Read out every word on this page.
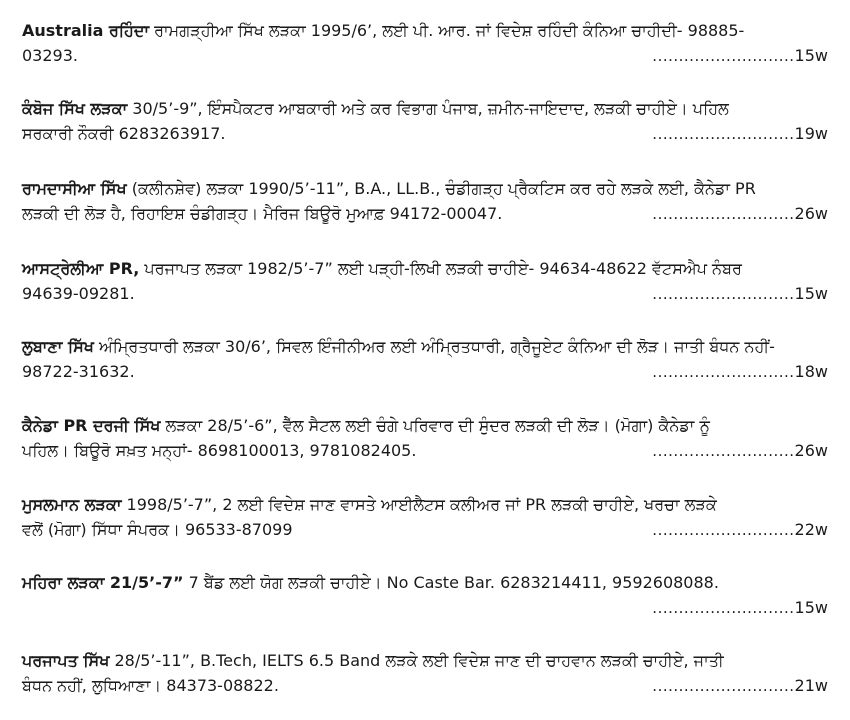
Australia ਰਹਿੰਦਾ ਰਾਮਗੜ੍ਹੀਆ ਸਿੱਖ ਲੜਕਾ 1995/6’, ਲਈ ਪੀ. ਆਰ. ਜਾਂ ਵਿਦੇਸ਼ ਰਹਿੰਦੀ ਕੰਨਿਆ ਚਾਹੀਦੀ- 98885-

03293.	...........................15w

ਕੰਬੋਜ ਸਿੱਖ ਲੜਕਾ 30/5’-9”, ਇੰਸਪੈਕਟਰ ਆਬਕਾਰੀ ਅਤੇ ਕਰ ਵਿਭਾਗ ਪੰਜਾਬ, ਜ਼ਮੀਨ-ਜਾਇਦਾਦ, ਲੜਕੀ ਚਾਹੀਏ। ਪਹਿਲ

ਸਰਕਾਰੀ ਨੌਕਰੀ 6283263917.	...........................19w

ਰਾਮਦਾਸੀਆ ਸਿੱਖ (ਕਲੀਨਸ਼ੇਵ) ਲੜਕਾ 1990/5’-11”, B.A., LL.B., ਚੰਡੀਗੜ੍ਹ ਪ੍ਰੈਕਟਿਸ ਕਰ ਰਹੇ ਲੜਕੇ ਲਈ, ਕੈਨੇਡਾ PR

ਲੜਕੀ ਦੀ ਲੋੜ ਹੈ, ਰਿਹਾਇਸ਼ ਚੰਡੀਗੜ੍ਹ। ਮੈਰਿਜ ਬਿਊਰੋ ਮੁਆਫ਼ 94172-00047.	...........................26w

ਆਸਟ੍ਰੇਲੀਆ PR, ਪਰਜਾਪਤ ਲੜਕਾ 1982/5’-7” ਲਈ ਪੜ੍ਹੀ-ਲਿਖੀ ਲੜਕੀ ਚਾਹੀਏ- 94634-48622 ਵੱਟਸਐਪ ਨੰਬਰ

94639-09281.	...........................15w

ਲੁਬਾਣਾ ਸਿੱਖ ਅੰਮ੍ਰਿਤਧਾਰੀ ਲੜਕਾ 30/6’, ਸਿਵਲ ਇੰਜੀਨੀਅਰ ਲਈ ਅੰਮ੍ਰਿਤਧਾਰੀ, ਗ੍ਰੈਜੂਏਟ ਕੰਨਿਆ ਦੀ ਲੋੜ। ਜਾਤੀ ਬੰਧਨ ਨਹੀਂ-

98722-31632.	...........................18w

ਕੈਨੇਡਾ PR ਦਰਜੀ ਸਿੱਖ ਲੜਕਾ 28/5’-6”, ਵੈੱਲ ਸੈਟਲ ਲਈ ਚੰਗੇ ਪਰਿਵਾਰ ਦੀ ਸੁੰਦਰ ਲੜਕੀ ਦੀ ਲੋੜ। (ਮੋਗਾ) ਕੈਨੇਡਾ ਨੂੰ

ਪਹਿਲ। ਬਿਊਰੋ ਸਖ਼ਤ ਮਨ੍ਹਾਂ- 8698100013, 9781082405.	...........................26w

ਮੁਸਲਮਾਨ ਲੜਕਾ 1998/5’-7”, 2 ਲਈ ਵਿਦੇਸ਼ ਜਾਣ ਵਾਸਤੇ ਆਈਲੈਟਸ ਕਲੀਅਰ ਜਾਂ PR ਲੜਕੀ ਚਾਹੀਏ, ਖਰਚਾ ਲੜਕੇ

ਵਲੋਂ (ਮੋਗਾ) ਸਿੱਧਾ ਸੰਪਰਕ। 96533-87099	...........................22w

ਮਹਿਰਾ ਲੜਕਾ 21/5’-7” 7 ਬੈਂਡ ਲਈ ਯੋਗ ਲੜਕੀ ਚਾਹੀਏ। No Caste Bar. 6283214411, 9592608088.

...........................15w

ਪਰਜਾਪਤ ਸਿੱਖ 28/5’-11”, B.Tech, IELTS 6.5 Band ਲੜਕੇ ਲਈ ਵਿਦੇਸ਼ ਜਾਣ ਦੀ ਚਾਹਵਾਨ ਲੜਕੀ ਚਾਹੀਏ, ਜਾਤੀ

ਬੰਧਨ ਨਹੀਂ, ਲੁਧਿਆਣਾ। 84373-08822.	...........................21w
